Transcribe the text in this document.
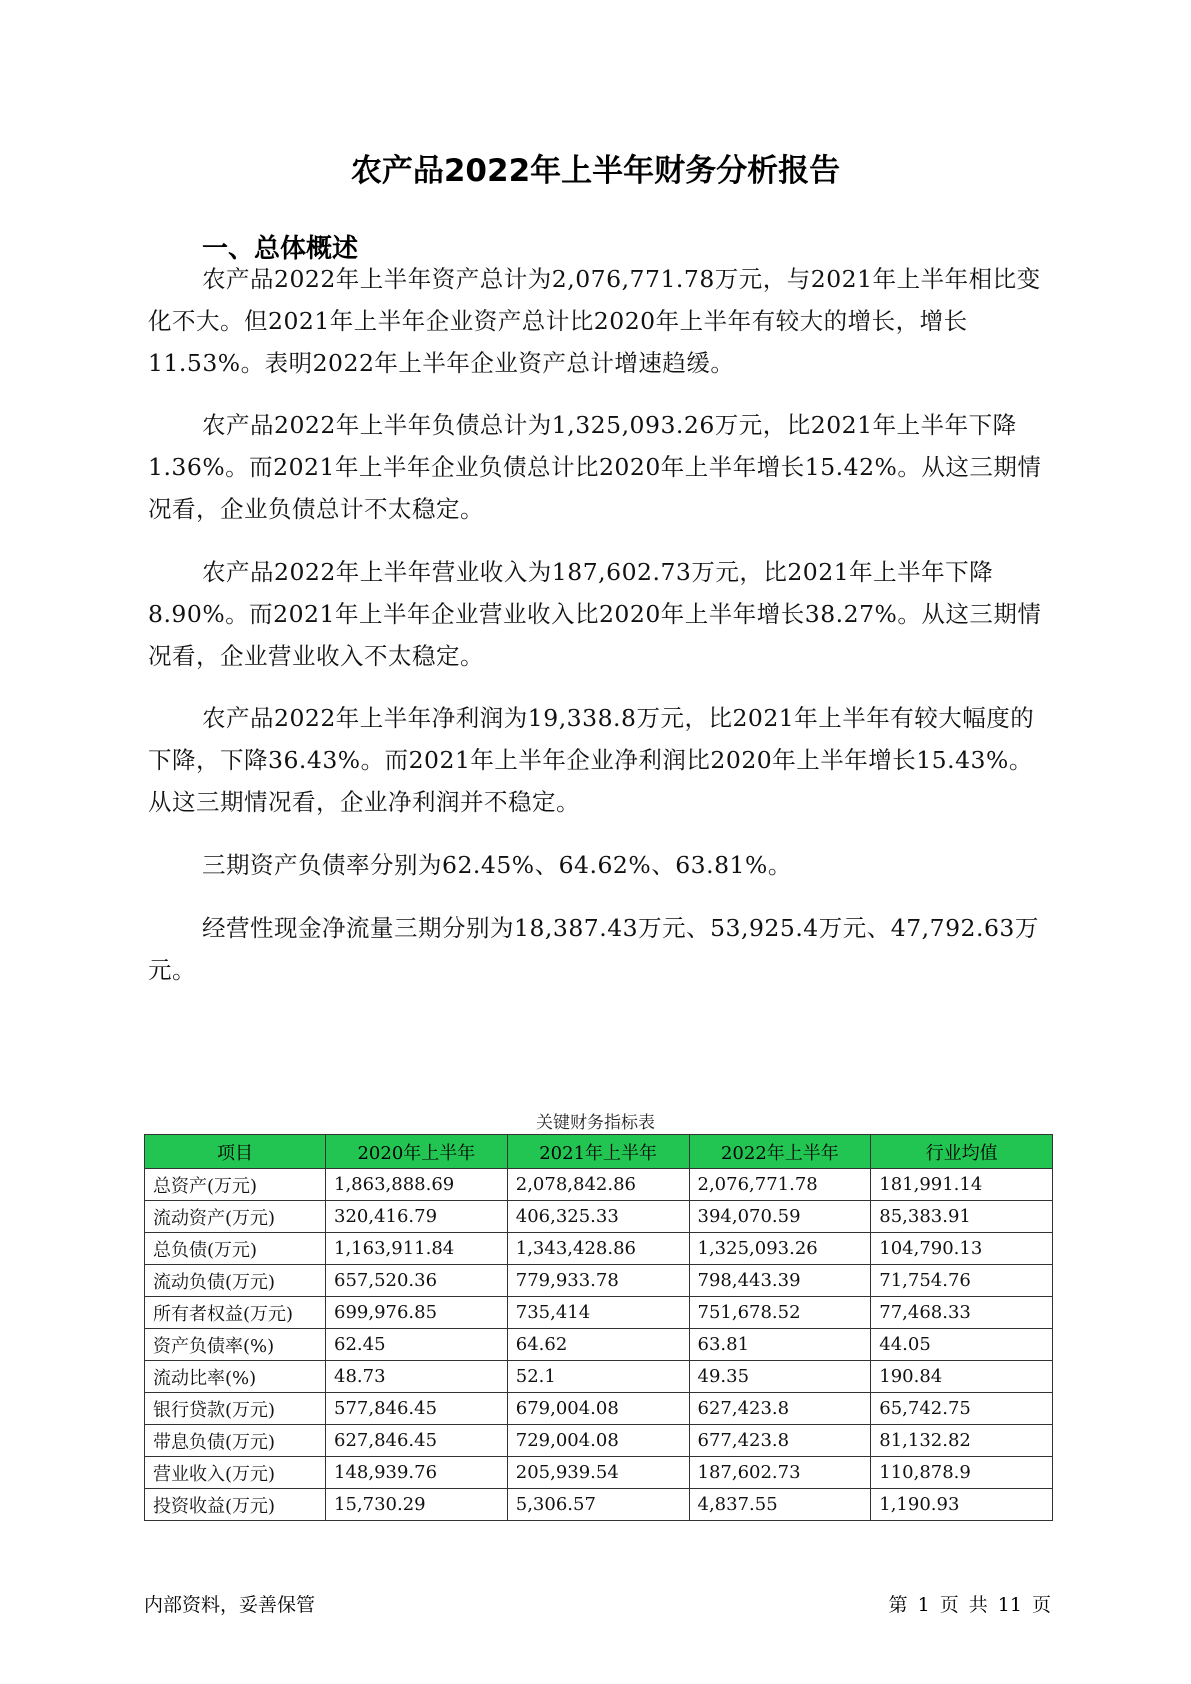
农产品2022年上半年财务分析报告
一、总体概述

农产品2022年上半年资产总计为2,076,771.78万元，与2021年上半年相比变化不大。但2021年上半年企业资产总计比2020年上半年有较大的增长，增长11.53%。表明2022年上半年企业资产总计增速趋缓。

农产品2022年上半年负债总计为1,325,093.26万元，比2021年上半年下降1.36%。而2021年上半年企业负债总计比2020年上半年增长15.42%。从这三期情况看，企业负债总计不太稳定。

农产品2022年上半年营业收入为187,602.73万元，比2021年上半年下降8.90%。而2021年上半年企业营业收入比2020年上半年增长38.27%。从这三期情况看，企业营业收入不太稳定。

农产品2022年上半年净利润为19,338.8万元，比2021年上半年有较大幅度的下降，下降36.43%。而2021年上半年企业净利润比2020年上半年增长15.43%。从这三期情况看，企业净利润并不稳定。

三期资产负债率分别为62.45%、64.62%、63.81%。

经营性现金净流量三期分别为18,387.43万元、53,925.4万元、47,792.63万元。

关键财务指标表
项目	2020年上半年	2021年上半年	2022年上半年	行业均值
总资产(万元)	1,863,888.69	2,078,842.86	2,076,771.78	181,991.14
流动资产(万元)	320,416.79	406,325.33	394,070.59	85,383.91
总负债(万元)	1,163,911.84	1,343,428.86	1,325,093.26	104,790.13
流动负债(万元)	657,520.36	779,933.78	798,443.39	71,754.76
所有者权益(万元)	699,976.85	735,414	751,678.52	77,468.33
资产负债率(%)	62.45	64.62	63.81	44.05
流动比率(%)	48.73	52.1	49.35	190.84
银行贷款(万元)	577,846.45	679,004.08	627,423.8	65,742.75
带息负债(万元)	627,846.45	729,004.08	677,423.8	81,132.82
营业收入(万元)	148,939.76	205,939.54	187,602.73	110,878.9
投资收益(万元)	15,730.29	5,306.57	4,837.55	1,190.93
内部资料，妥善保管	第 1 页 共 11 页
